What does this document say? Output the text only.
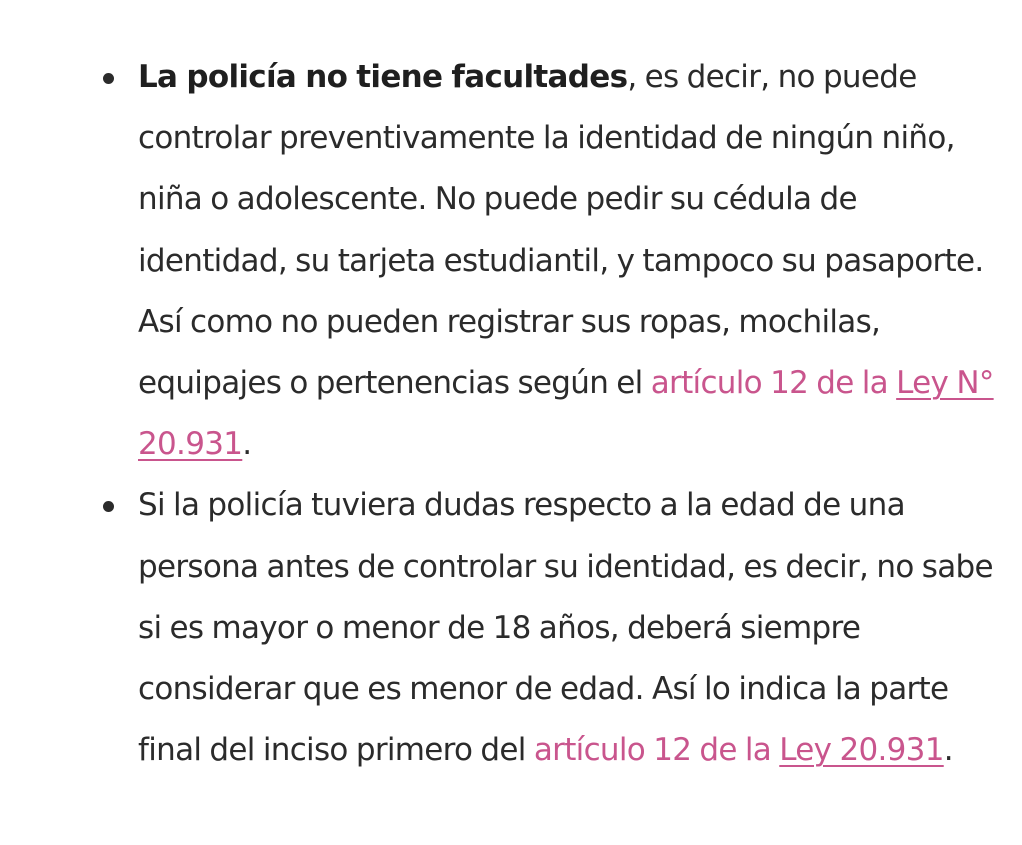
La policía no tiene facultades, es decir, no puede controlar preventivamente la identidad de ningún niño, niña o adolescente. No puede pedir su cédula de identidad, su tarjeta estudiantil, y tampoco su pasaporte. Así como no pueden registrar sus ropas, mochilas, equipajes o pertenencias según el artículo 12 de la Ley N° 20.931.
Si la policía tuviera dudas respecto a la edad de una persona antes de controlar su identidad, es decir, no sabe si es mayor o menor de 18 años, deberá siempre considerar que es menor de edad. Así lo indica la parte final del inciso primero del artículo 12 de la Ley 20.931.
